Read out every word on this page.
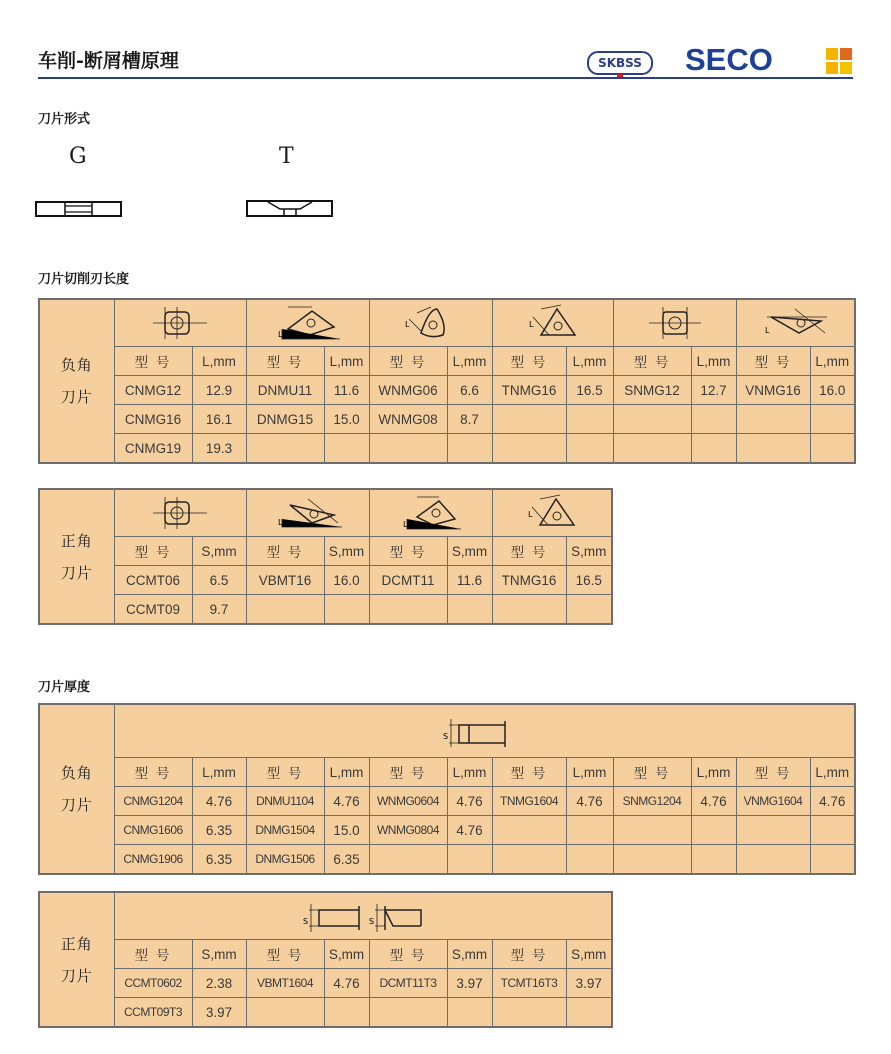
车削-断屑槽原理	SKBSS	SECO
刀片形式
G	T
刀片切削刃长度
负角
刀片			L		L		L				L	

	型 号	L,mm	型 号	L,mm	型 号	L,mm	型 号	L,mm	型 号	L,mm	型 号	L,mm
	CNMG12	12.9	DNMU11	11.6	WNMG06	6.6	TNMG16	16.5	SNMG12	12.7	VNMG16	16.0
	CNMG16	16.1	DNMG15	15.0	WNMG08	8.7						
	CNMG19	19.3										
正角
刀片			L		L		L	

	型 号	S,mm	型 号	S,mm	型 号	S,mm	型 号	S,mm
	CCMT06	6.5	VBMT16	16.0	DCMT11	11.6	TNMG16	16.5
	CCMT09	9.7						
刀片厚度
负角
刀片	S											

	型 号	L,mm	型 号	L,mm	型 号	L,mm	型 号	L,mm	型 号	L,mm	型 号	L,mm
	CNMG1204	4.76	DNMU1104	4.76	WNMG0604	4.76	TNMG1604	4.76	SNMG1204	4.76	VNMG1604	4.76
	CNMG1606	6.35	DNMG1504	15.0	WNMG0804	4.76						
	CNMG1906	6.35	DNMG1506	6.35								
正角
刀片	S S							

	型 号	S,mm	型 号	S,mm	型 号	S,mm	型 号	S,mm
	CCMT0602	2.38	VBMT1604	4.76	DCMT11T3	3.97	TCMT16T3	3.97
	CCMT09T3	3.97						
